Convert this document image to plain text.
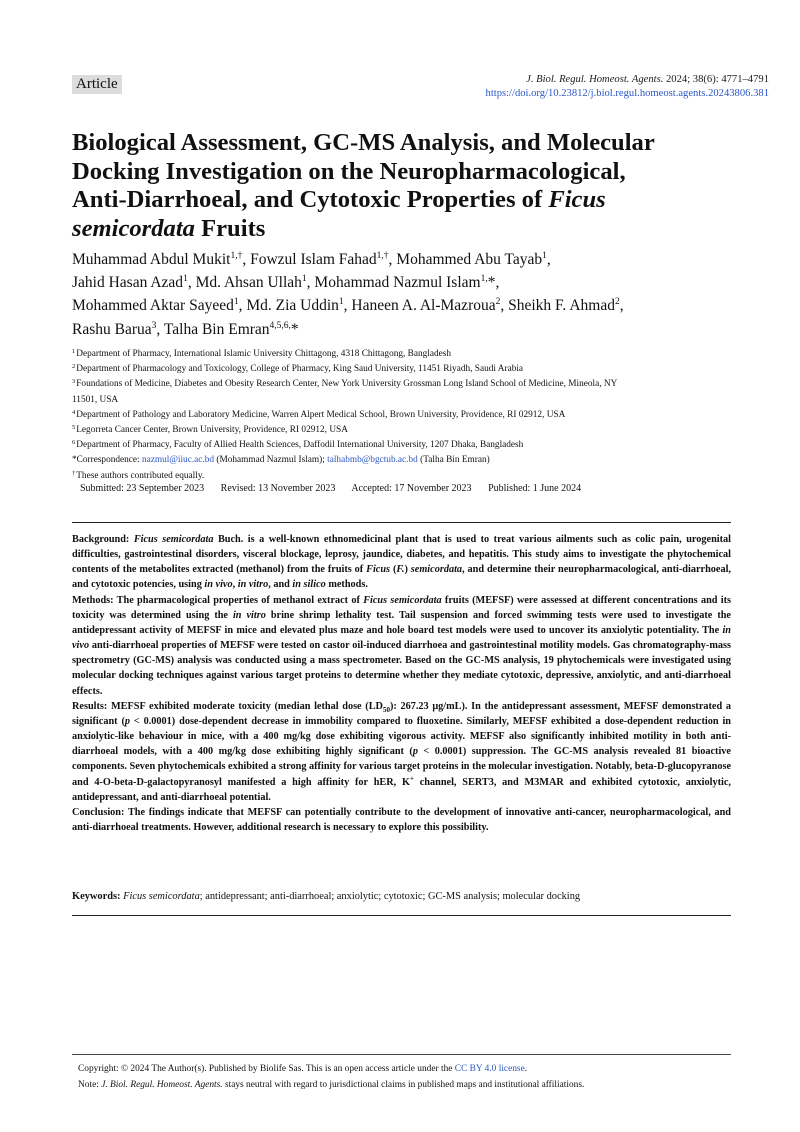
Article	J. Biol. Regul. Homeost. Agents. 2024; 38(6): 4771–4791
https://doi.org/10.23812/j.biol.regul.homeost.agents.20243806.381
Biological Assessment, GC-MS Analysis, and Molecular
Docking Investigation on the Neuropharmacological,
Anti-Diarrhoeal, and Cytotoxic Properties of Ficus
semicordata Fruits
Muhammad Abdul Mukit$^{1,\dagger}$, Fowzul Islam Fahad$^{1,\dagger}$, Mohammed Abu Tayab$^1$,
Jahid Hasan Azad$^1$, Md. Ahsan Ullah$^1$, Mohammad Nazmul Islam$^{1,}$*,
Mohammed Aktar Sayeed$^1$, Md. Zia Uddin$^1$, Haneen A. Al-Mazroua$^2$, Sheikh F. Ahmad$^2$,
Rashu Barua$^3$, Talha Bin Emran$^{4,5,6,}$*
$^1$Department of Pharmacy, International Islamic University Chittagong, 4318 Chittagong, Bangladesh
$^2$Department of Pharmacology and Toxicology, College of Pharmacy, King Saud University, 11451 Riyadh, Saudi Arabia
$^3$Foundations of Medicine, Diabetes and Obesity Research Center, New York University Grossman Long Island School of Medicine, Mineola, NY
11501, USA
$^4$Department of Pathology and Laboratory Medicine, Warren Alpert Medical School, Brown University, Providence, RI 02912, USA
$^5$Legorreta Cancer Center, Brown University, Providence, RI 02912, USA
$^6$Department of Pharmacy, Faculty of Allied Health Sciences, Daffodil International University, 1207 Dhaka, Bangladesh
*Correspondence: nazmul@iiuc.ac.bd (Mohammad Nazmul Islam); talhabmb@bgctub.ac.bd (Talha Bin Emran)
†These authors contributed equally.
Submitted: 23 September 2023 Revised: 13 November 2023 Accepted: 17 November 2023 Published: 1 June 2024

Background: Ficus semicordata Buch. is a well-known ethnomedicinal plant that is used to treat various ailments such as colic pain, urogenital difficulties, gastrointestinal disorders, visceral blockage, leprosy, jaundice, diabetes, and hepatitis. This study aims to investigate the phytochemical contents of the metabolites extracted (methanol) from the fruits of Ficus (F.) semicordata, and determine their neuropharmacological, anti-diarrhoeal, and cytotoxic potencies, using in vivo, in vitro, and in silico methods.

Methods: The pharmacological properties of methanol extract of Ficus semicordata fruits (MEFSF) were assessed at different concentrations and its toxicity was determined using the in vitro brine shrimp lethality test. Tail suspension and forced swimming tests were used to investigate the antidepressant activity of MEFSF in mice and elevated plus maze and hole board test models were used to uncover its anxiolytic potentiality. The in vivo anti-diarrhoeal properties of MEFSF were tested on castor oil-induced diarrhoea and gastrointestinal motility models. Gas chromatography-mass spectrometry (GC-MS) analysis was conducted using a mass spectrometer. Based on the GC-MS analysis, 19 phytochemicals were investigated using molecular docking techniques against various target proteins to determine whether they mediate cytotoxic, depressive, anxiolytic, and anti-diarrhoeal effects.

Results: MEFSF exhibited moderate toxicity (median lethal dose $(LD_{50})$: 267.23 μg/mL). In the antidepressant assessment, MEFSF demonstrated a significant (p < 0.0001) dose-dependent decrease in immobility compared to fluoxetine. Similarly, MEFSF exhibited a dose-dependent reduction in anxiolytic-like behaviour in mice, with a 400 mg/kg dose exhibiting vigorous activity. MEFSF also significantly inhibited motility in both anti-diarrhoeal models, with a 400 mg/kg dose exhibiting highly significant (p < 0.0001) suppression. The GC-MS analysis revealed 81 bioactive components. Seven phytochemicals exhibited a strong affinity for various target proteins in the molecular investigation. Notably, beta-D-glucopyranose and 4-O-beta-D-galactopyranosyl manifested a high affinity for hER, K+ channel, SERT3, and M3MAR and exhibited cytotoxic, anxiolytic, antidepressant, and anti-diarrhoeal potential.

Conclusion: The findings indicate that MEFSF can potentially contribute to the development of innovative anti-cancer, neuropharmacological, and anti-diarrhoeal treatments. However, additional research is necessary to explore this possibility.

Keywords: Ficus semicordata; antidepressant; anti-diarrhoeal; anxiolytic; cytotoxic; GC-MS analysis; molecular docking
Copyright: © 2024 The Author(s). Published by Biolife Sas. This is an open access article under the CC BY 4.0 license.
Note: J. Biol. Regul. Homeost. Agents. stays neutral with regard to jurisdictional claims in published maps and institutional affiliations.
